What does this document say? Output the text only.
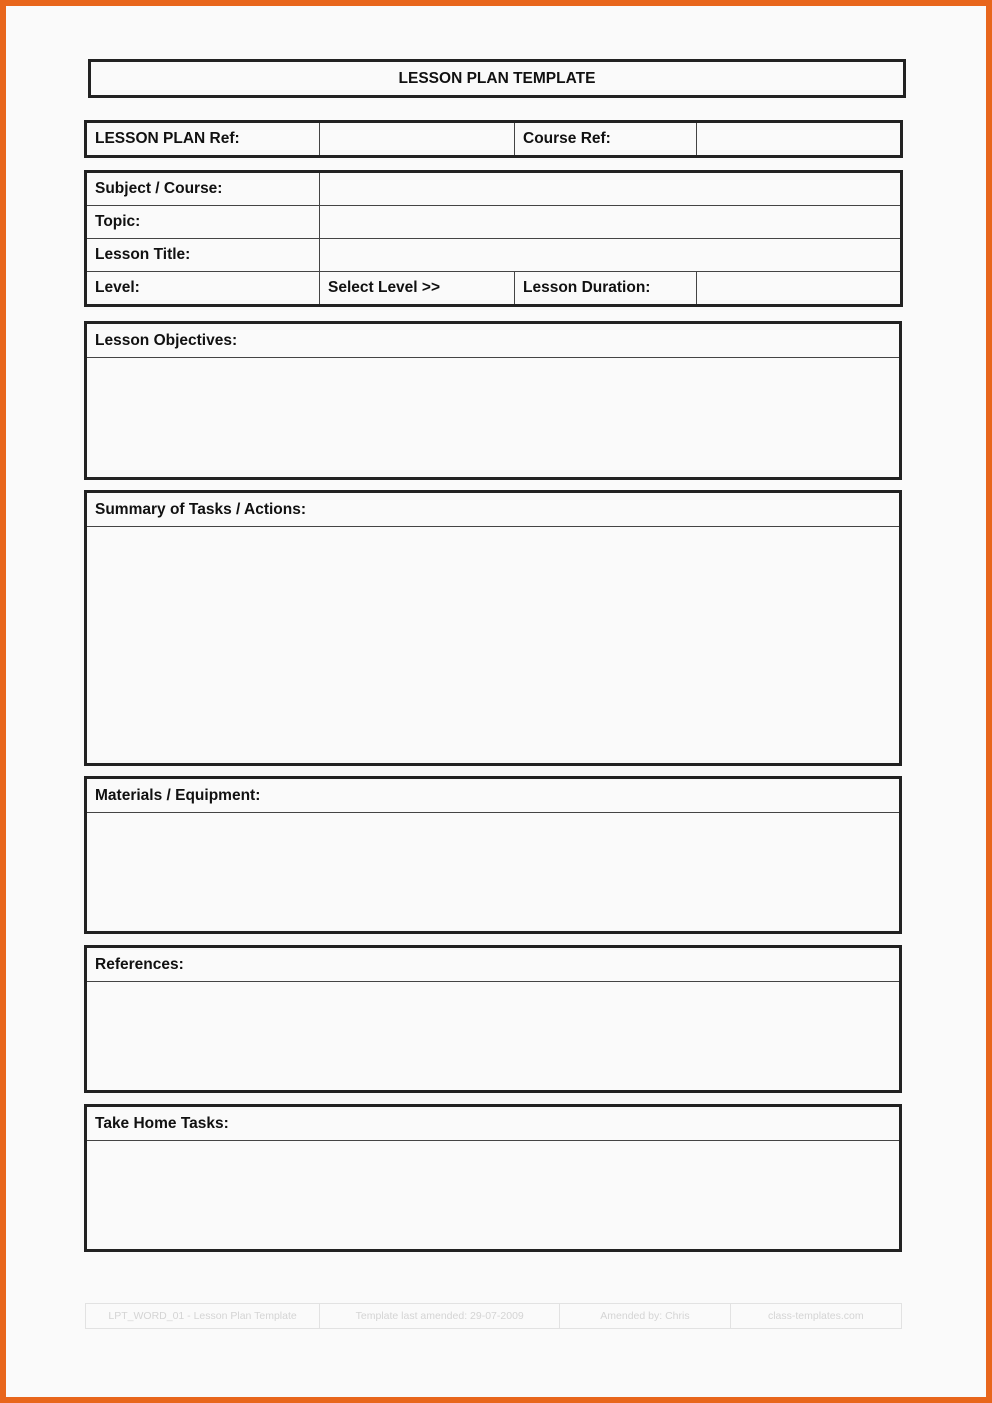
LESSON PLAN TEMPLATE
LESSON PLAN Ref:		Course Ref:	
Subject / Course:			
Topic:			
Lesson Title:			
Level:	Select Level >>	Lesson Duration:	
Lesson Objectives:
Summary of Tasks / Actions:
Materials / Equipment:
References:
Take Home Tasks:
LPT_WORD_01 - Lesson Plan Template	Template last amended: 29-07-2009	Amended by: Chris	class-templates.com
